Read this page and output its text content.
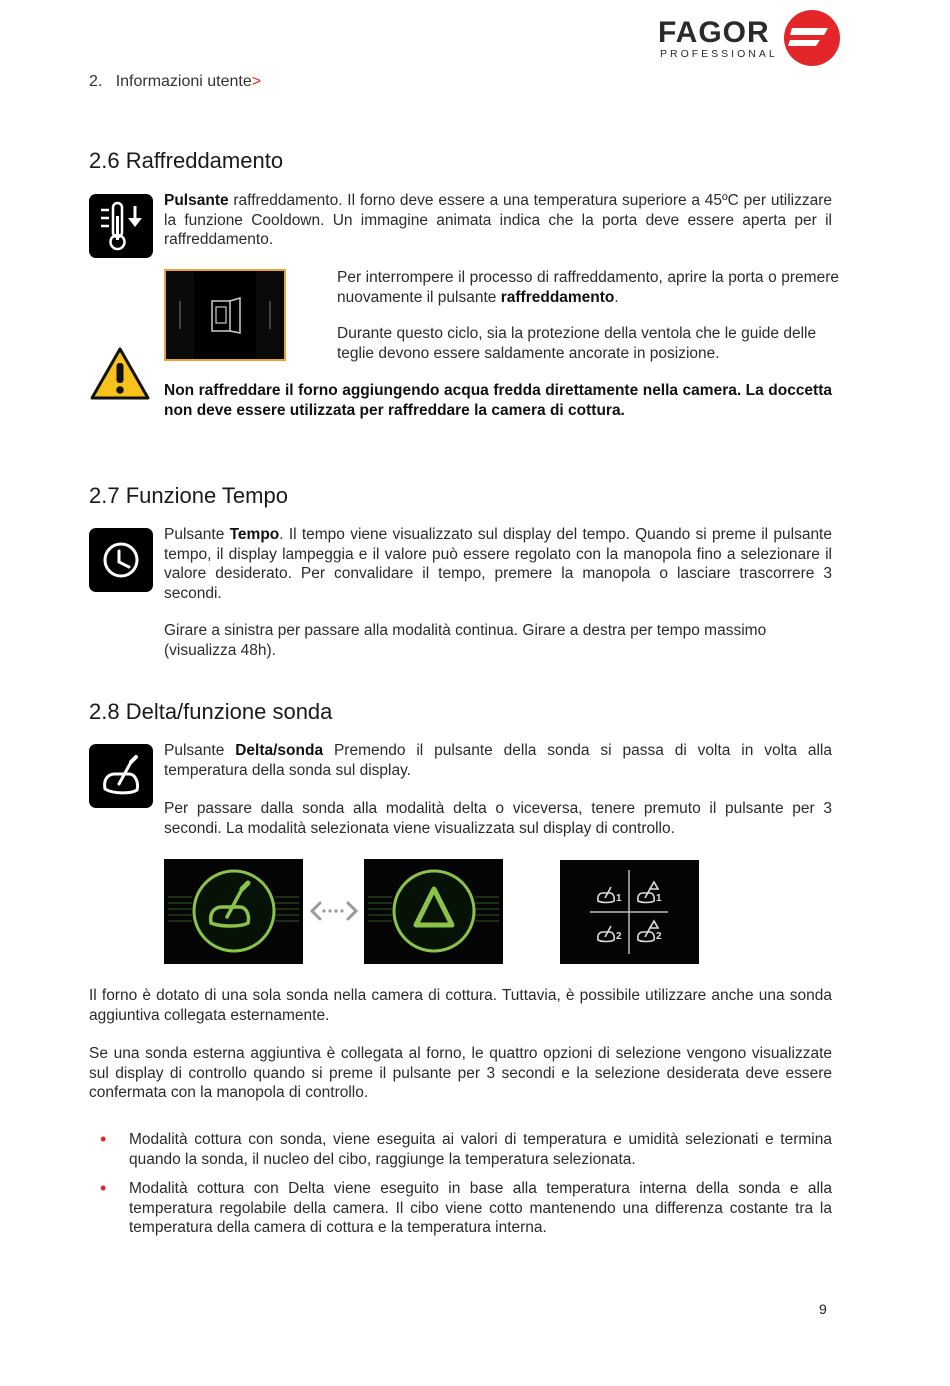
2. Informazioni utente>
FAGOR
PROFESSIONAL
2.6 Raffreddamento

Pulsante raffreddamento. Il forno deve essere a una temperatura superiore a 45ºC per utilizzare la funzione Cooldown. Un immagine animata indica che la porta deve essere aperta per il raffreddamento.

Per interrompere il processo di raffreddamento, aprire la porta o premere nuovamente il pulsante raffreddamento.

Durante questo ciclo, sia la protezione della ventola che le guide delle teglie devono essere saldamente ancorate in posizione.

Non raffreddare il forno aggiungendo acqua fredda direttamente nella camera. La doccetta non deve essere utilizzata per raffreddare la camera di cottura.

2.7 Funzione Tempo

Pulsante Tempo. Il tempo viene visualizzato sul display del tempo. Quando si preme il pulsante tempo, il display lampeggia e il valore può essere regolato con la manopola fino a selezionare il valore desiderato. Per convalidare il tempo, premere la manopola o lasciare trascorrere 3 secondi.

Girare a sinistra per passare alla modalità continua. Girare a destra per tempo massimo (visualizza 48h).

2.8 Delta/funzione sonda

Pulsante Delta/sonda Premendo il pulsante della sonda si passa di volta in volta alla temperatura della sonda sul display.

Per passare dalla sonda alla modalità delta o viceversa, tenere premuto il pulsante per 3 secondi. La modalità selezionata viene visualizzata sul display di controllo.

1	1
2	2

Il forno è dotato di una sola sonda nella camera di cottura. Tuttavia, è possibile utilizzare anche una sonda aggiuntiva collegata esternamente.

Se una sonda esterna aggiuntiva è collegata al forno, le quattro opzioni di selezione vengono visualizzate sul display di controllo quando si preme il pulsante per 3 secondi e la selezione desiderata deve essere confermata con la manopola di controllo.

• Modalità cottura con sonda, viene eseguita ai valori di temperatura e umidità selezionati e termina quando la sonda, il nucleo del cibo, raggiunge la temperatura selezionata.

• Modalità cottura con Delta viene eseguito in base alla temperatura interna della sonda e alla temperatura regolabile della camera. Il cibo viene cotto mantenendo una differenza costante tra la temperatura della camera di cottura e la temperatura interna.

9
